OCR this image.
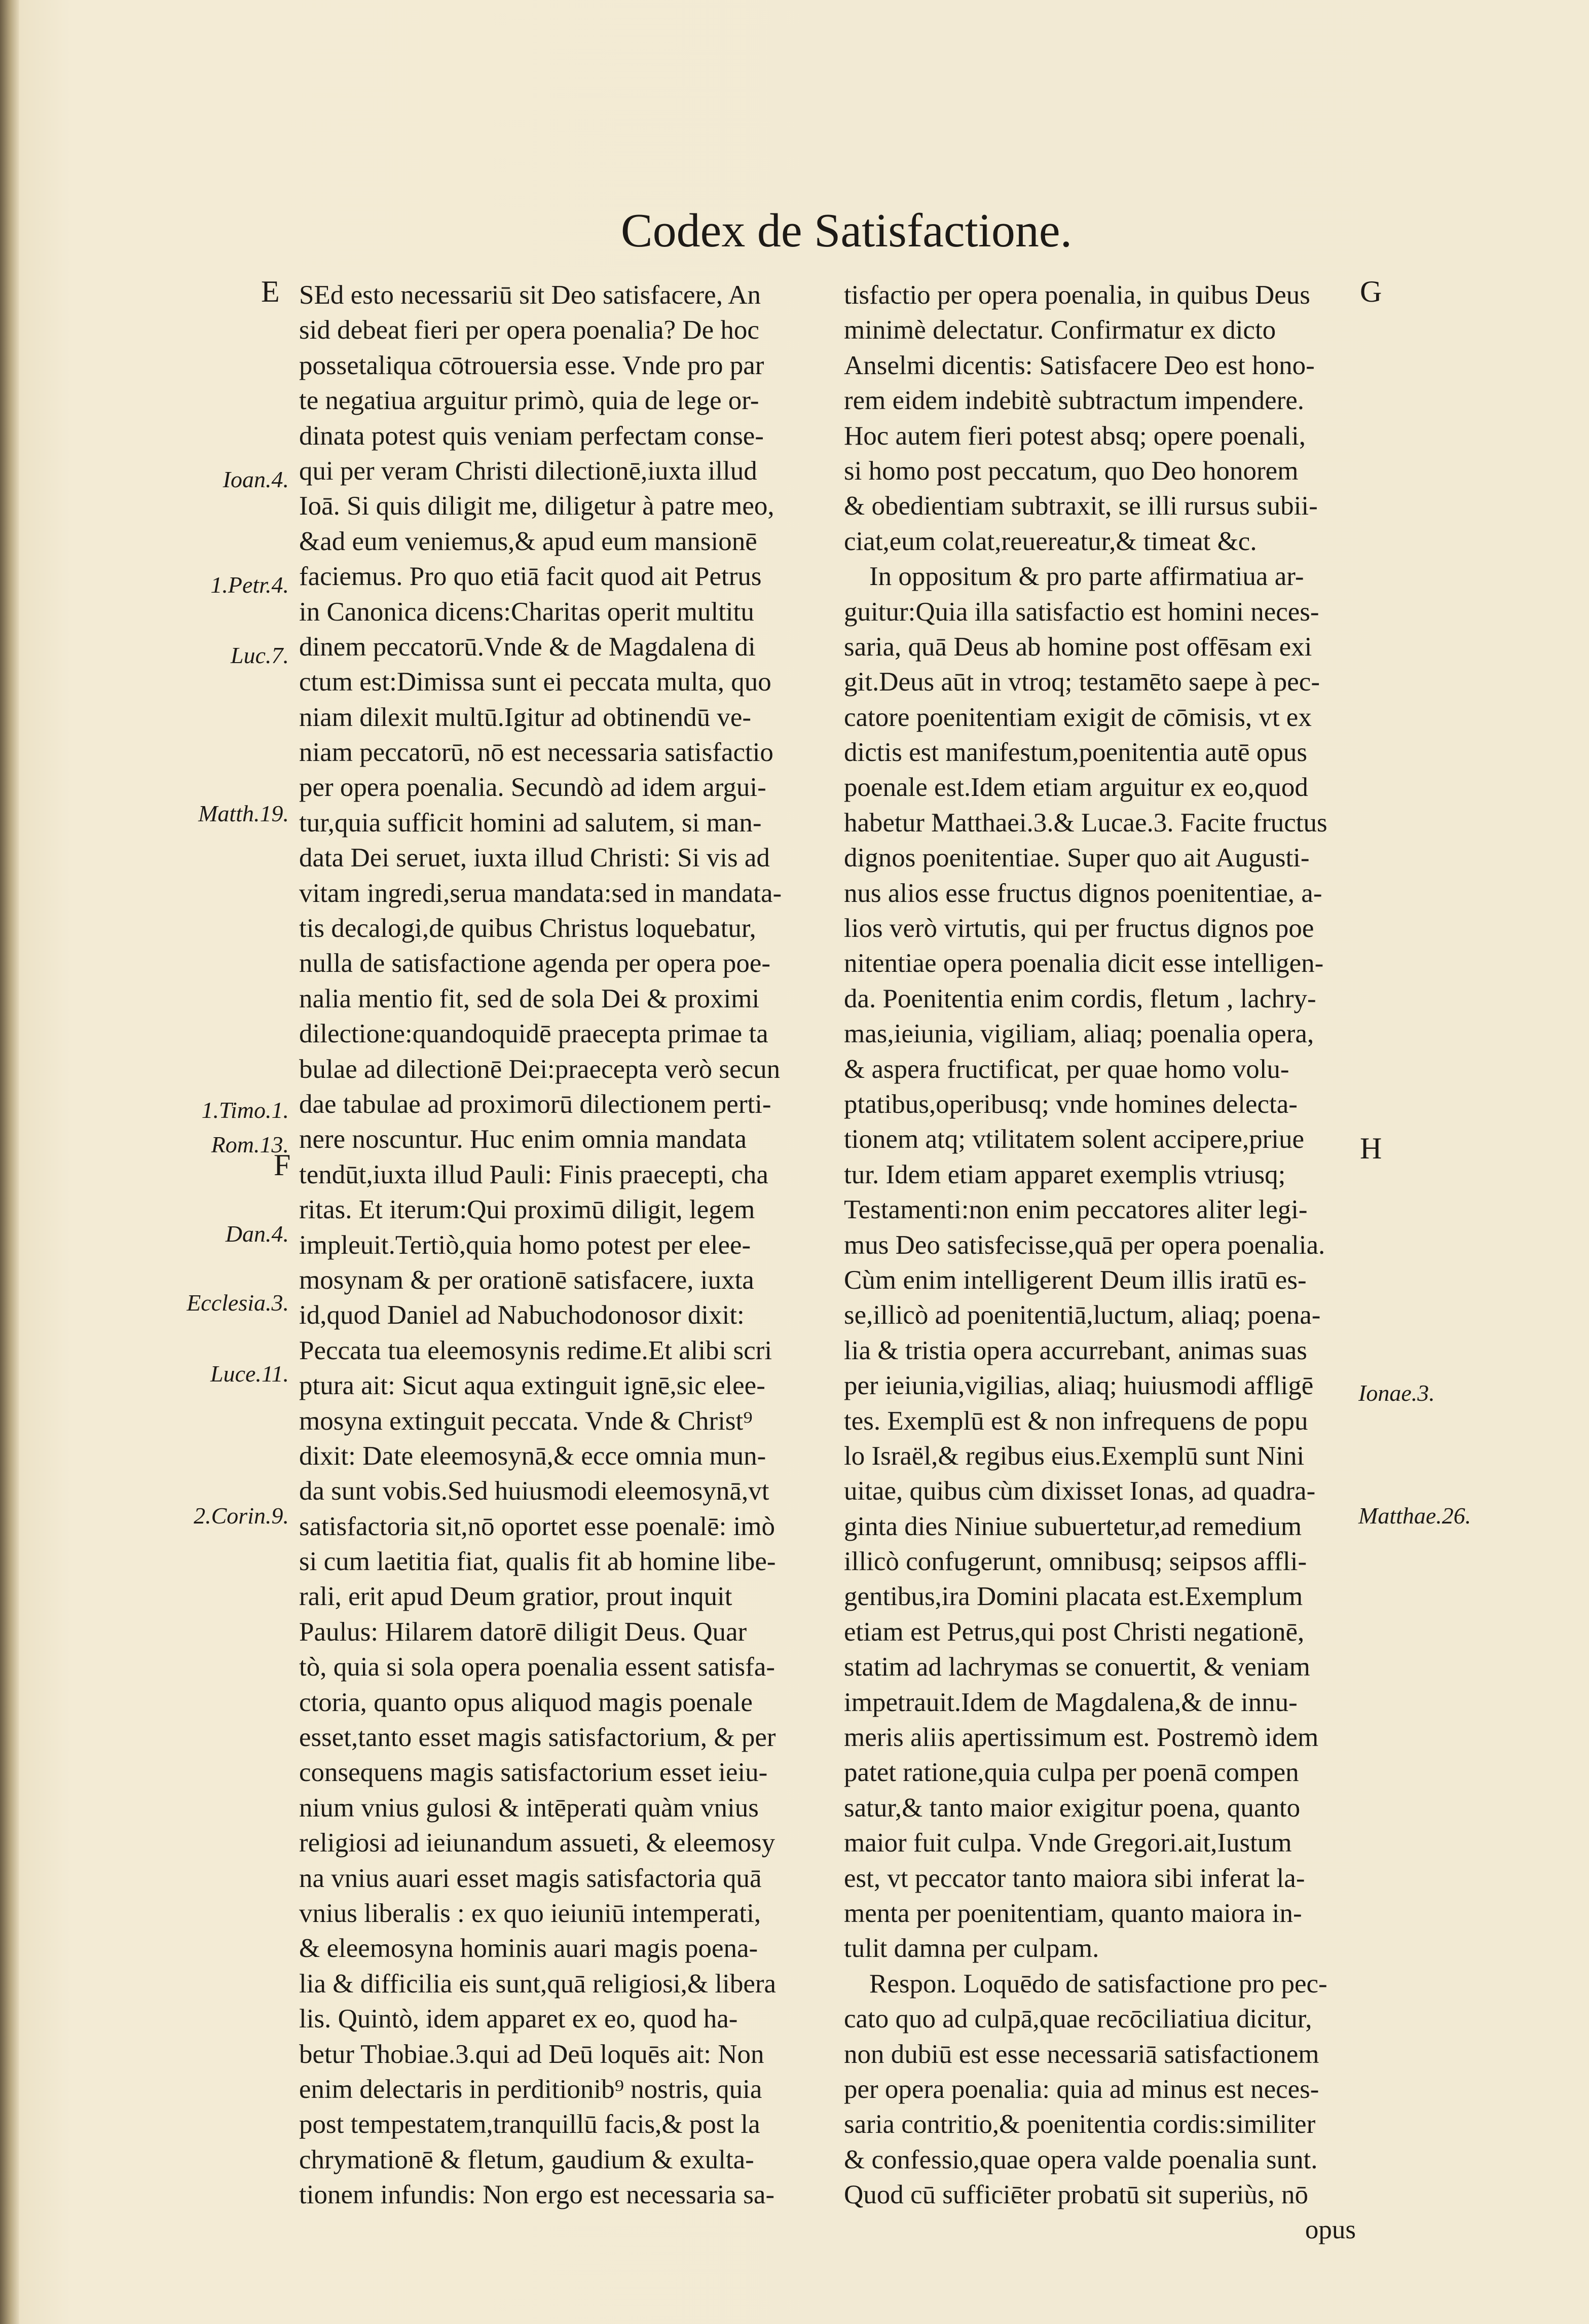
Codex de Satisfactione.
E
F
G
H
Ioan.4.
1.Petr.4.
Luc.7.
Matth.19.
1.Timo.1.
Rom.13.
Dan.4.
Ecclesia.3.
Luce.11.
2.Corin.9.
Ionae.3.
Matthae.26.
SEd esto necessariū sit Deo satisfacere, An
sid debeat fieri per opera poenalia? De hoc
possetaliqua cōtrouersia esse. Vnde pro par
te negatiua arguitur primò, quia de lege or-
dinata potest quis veniam perfectam conse-
qui per veram Christi dilectionē,iuxta illud
Ioā. Si quis diligit me, diligetur à patre meo,
&ad eum veniemus,& apud eum mansionē
faciemus. Pro quo etiā facit quod ait Petrus
in Canonica dicens:Charitas operit multitu
dinem peccatorū.Vnde & de Magdalena di
ctum est:Dimissa sunt ei peccata multa, quo
niam dilexit multū.Igitur ad obtinendū ve-
niam peccatorū, nō est necessaria satisfactio
per opera poenalia. Secundò ad idem argui-
tur,quia sufficit homini ad salutem, si man-
data Dei seruet, iuxta illud Christi: Si vis ad
vitam ingredi,serua mandata:sed in mandata-
tis decalogi,de quibus Christus loquebatur,
nulla de satisfactione agenda per opera poe-
nalia mentio fit, sed de sola Dei & proximi
dilectione:quandoquidē praecepta primae ta
bulae ad dilectionē Dei:praecepta verò secun
dae tabulae ad proximorū dilectionem perti-
nere noscuntur. Huc enim omnia mandata
tendūt,iuxta illud Pauli: Finis praecepti, cha
ritas. Et iterum:Qui proximū diligit, legem
impleuit.Tertiò,quia homo potest per elee-
mosynam & per orationē satisfacere, iuxta
id,quod Daniel ad Nabuchodonosor dixit:
Peccata tua eleemosynis redime.Et alibi scri
ptura ait: Sicut aqua extinguit ignē,sic elee-
mosyna extinguit peccata. Vnde & Christ⁹
dixit: Date eleemosynā,& ecce omnia mun-
da sunt vobis.Sed huiusmodi eleemosynā,vt
satisfactoria sit,nō oportet esse poenalē: imò
si cum laetitia fiat, qualis fit ab homine libe-
rali, erit apud Deum gratior, prout inquit
Paulus: Hilarem datorē diligit Deus. Quar
tò, quia si sola opera poenalia essent satisfa-
ctoria, quanto opus aliquod magis poenale
esset,tanto esset magis satisfactorium, & per
consequens magis satisfactorium esset ieiu-
nium vnius gulosi & intēperati quàm vnius
religiosi ad ieiunandum assueti, & eleemosy
na vnius auari esset magis satisfactoria quā
vnius liberalis : ex quo ieiuniū intemperati,
& eleemosyna hominis auari magis poena-
lia & difficilia eis sunt,quā religiosi,& libera
lis. Quintò, idem apparet ex eo, quod ha-
betur Thobiae.3.qui ad Deū loquēs ait: Non
enim delectaris in perditionib⁹ nostris, quia
post tempestatem,tranquillū facis,& post la
chrymationē & fletum, gaudium & exulta-
tionem infundis: Non ergo est necessaria sa-
tisfactio per opera poenalia, in quibus Deus
minimè delectatur. Confirmatur ex dicto
Anselmi dicentis: Satisfacere Deo est hono-
rem eidem indebitè subtractum impendere.
Hoc autem fieri potest absq; opere poenali,
si homo post peccatum, quo Deo honorem
& obedientiam subtraxit, se illi rursus subii-
ciat,eum colat,reuereatur,& timeat &c.
In oppositum & pro parte affirmatiua ar-
guitur:Quia illa satisfactio est homini neces-
saria, quā Deus ab homine post offēsam exi
git.Deus aūt in vtroq; testamēto saepe à pec-
catore poenitentiam exigit de cōmisis, vt ex
dictis est manifestum,poenitentia autē opus
poenale est.Idem etiam arguitur ex eo,quod
habetur Matthaei.3.& Lucae.3. Facite fructus
dignos poenitentiae. Super quo ait Augusti-
nus alios esse fructus dignos poenitentiae, a-
lios verò virtutis, qui per fructus dignos poe
nitentiae opera poenalia dicit esse intelligen-
da. Poenitentia enim cordis, fletum , lachry-
mas,ieiunia, vigiliam, aliaq; poenalia opera,
& aspera fructificat, per quae homo volu-
ptatibus,operibusq; vnde homines delecta-
tionem atq; vtilitatem solent accipere,priue
tur. Idem etiam apparet exemplis vtriusq;
Testamenti:non enim peccatores aliter legi-
mus Deo satisfecisse,quā per opera poenalia.
Cùm enim intelligerent Deum illis iratū es-
se,illicò ad poenitentiā,luctum, aliaq; poena-
lia & tristia opera accurrebant, animas suas
per ieiunia,vigilias, aliaq; huiusmodi affligē
tes. Exemplū est & non infrequens de popu
lo Israël,& regibus eius.Exemplū sunt Nini
uitae, quibus cùm dixisset Ionas, ad quadra-
ginta dies Niniue subuertetur,ad remedium
illicò confugerunt, omnibusq; seipsos affli-
gentibus,ira Domini placata est.Exemplum
etiam est Petrus,qui post Christi negationē,
statim ad lachrymas se conuertit, & veniam
impetrauit.Idem de Magdalena,& de innu-
meris aliis apertissimum est. Postremò idem
patet ratione,quia culpa per poenā compen
satur,& tanto maior exigitur poena, quanto
maior fuit culpa. Vnde Gregori.ait,Iustum
est, vt peccator tanto maiora sibi inferat la-
menta per poenitentiam, quanto maiora in-
tulit damna per culpam.
Respon. Loquēdo de satisfactione pro pec-
cato quo ad culpā,quae recōciliatiua dicitur,
non dubiū est esse necessariā satisfactionem
per opera poenalia: quia ad minus est neces-
saria contritio,& poenitentia cordis:similiter
& confessio,quae opera valde poenalia sunt.
Quod cū sufficiēter probatū sit superiùs, nō
opus
